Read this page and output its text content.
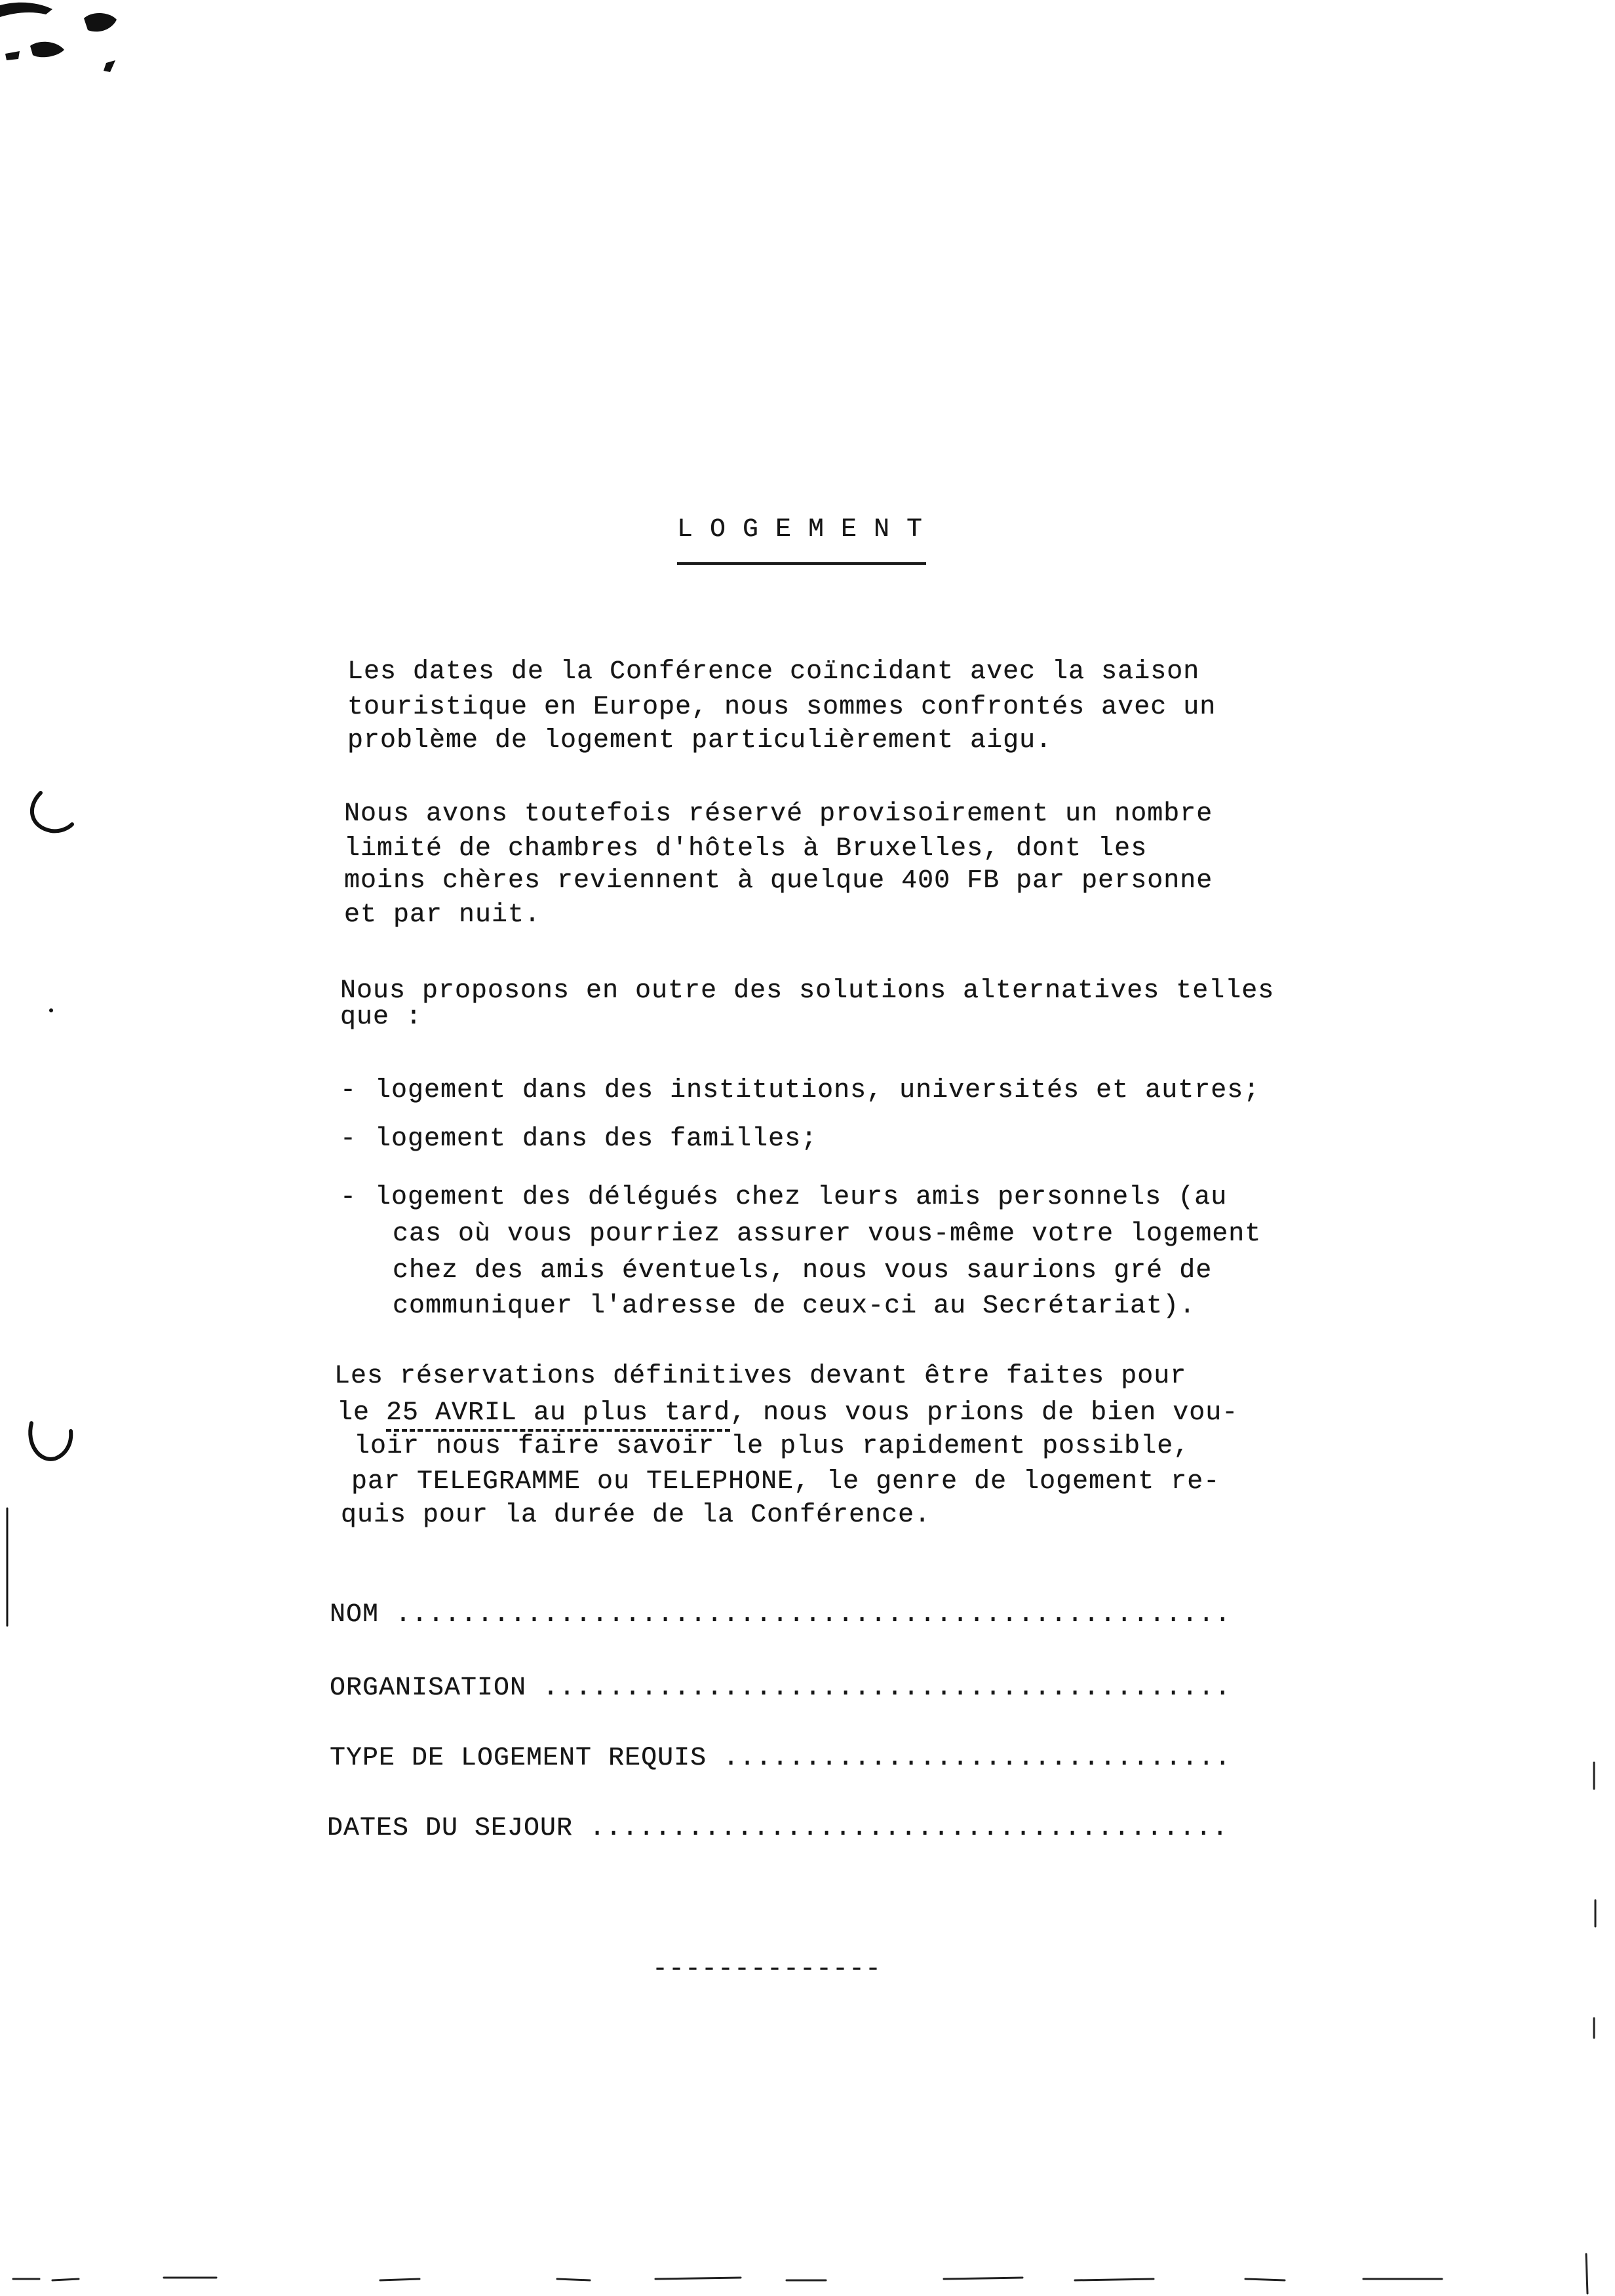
L O G E M E N T
Les dates de la Conférence coïncidant avec la saison
touristique en Europe, nous sommes confrontés avec un
problème de logement particulièrement aigu.
Nous avons toutefois réservé provisoirement un nombre
limité de chambres d'hôtels à Bruxelles, dont les
moins chères reviennent à quelque 400 FB par personne
et par nuit.
Nous proposons en outre des solutions alternatives telles
que :
- logement dans des institutions, universités et autres;
- logement dans des familles;
- logement des délégués chez leurs amis personnels (au
cas où vous pourriez assurer vous-même votre logement
chez des amis éventuels, nous vous saurions gré de
communiquer l'adresse de ceux-ci au Secrétariat).
Les réservations définitives devant être faites pour
le 25 AVRIL au plus tard, nous vous prions de bien vou-
loir nous faire savoir le plus rapidement possible,
par TELEGRAMME ou TELEPHONE, le genre de logement re-
quis pour la durée de la Conférence.
NOM ...................................................
ORGANISATION ..........................................
TYPE DE LOGEMENT REQUIS ...............................
DATES DU SEJOUR .......................................
--------------
